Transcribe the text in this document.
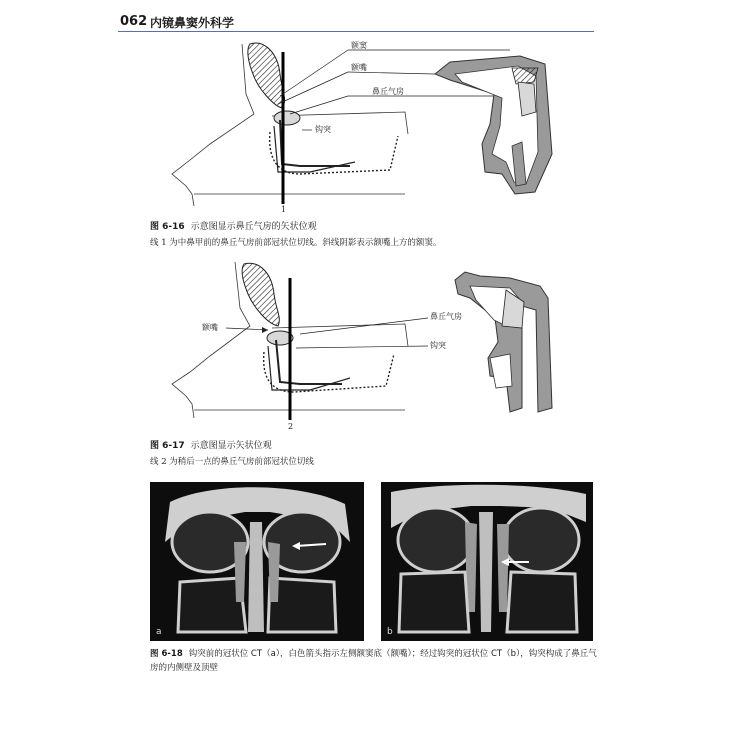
062 内镜鼻窦外科学
1
额窦
额嘴
鼻丘气房
钩突
图 6-16 示意图显示鼻丘气房的矢状位观
线 1 为中鼻甲前的鼻丘气房前部冠状位切线。斜线阴影表示额嘴上方的额窦。
2
额嘴
鼻丘气房
钩突
图 6-17 示意图显示矢状位观
线 2 为稍后一点的鼻丘气房前部冠状位切线
a	b
图 6-18 钩突前的冠状位 CT（a），白色箭头指示左侧额窦底（额嘴）；经过钩突的冠状位 CT（b），钩突构成了鼻丘气房的内侧壁及顶壁
